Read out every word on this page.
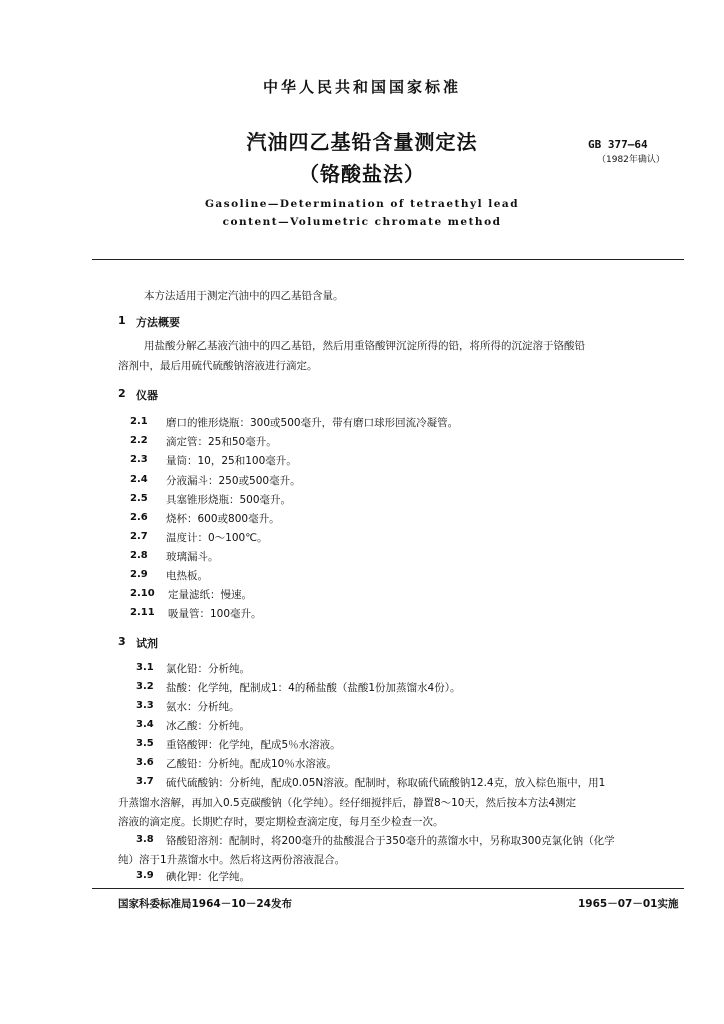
中华人民共和国国家标准
汽油四乙基铅含量测定法
（铬酸盐法）
GB 377—64
（1982年确认）
Gasoline—Determination of tetraethyl lead
content—Volumetric chromate method
本方法适用于测定汽油中的四乙基铅含量。
1 方法概要
用盐酸分解乙基液汽油中的四乙基铅，然后用重铬酸钾沉淀所得的铅，将所得的沉淀溶于铬酸铅
溶剂中，最后用硫代硫酸钠溶液进行滴定。
2 仪器
2.1 磨口的锥形烧瓶：300或500毫升，带有磨口球形回流冷凝管。
2.2 滴定管：25和50毫升。
2.3 量筒：10，25和100毫升。
2.4 分液漏斗：250或500毫升。
2.5 具塞锥形烧瓶：500毫升。
2.6 烧杯：600或800毫升。
2.7 温度计：0～100℃。
2.8 玻璃漏斗。
2.9 电热板。
2.10 定量滤纸：慢速。
2.11 吸量管：100毫升。
3 试剂
3.1 氯化铅：分析纯。
3.2 盐酸：化学纯，配制成1：4的稀盐酸（盐酸1份加蒸馏水4份）。
3.3 氨水：分析纯。
3.4 冰乙酸：分析纯。
3.5 重铬酸钾：化学纯，配成5％水溶液。
3.6 乙酸铅：分析纯。配成10％水溶液。
3.7 硫代硫酸钠：分析纯，配成0.05N溶液。配制时，称取硫代硫酸钠12.4克，放入棕色瓶中，用1
升蒸馏水溶解，再加入0.5克碳酸钠（化学纯）。经仔细搅拌后，静置8～10天，然后按本方法4测定
溶液的滴定度。长期贮存时，要定期检查滴定度，每月至少检查一次。
3.8 铬酸铅溶剂：配制时，将200毫升的盐酸混合于350毫升的蒸馏水中，另称取300克氯化钠（化学
纯）溶于1升蒸馏水中。然后将这两份溶液混合。
3.9 碘化钾：化学纯。
国家科委标准局1964－10－24发布	1965－07－01实施
